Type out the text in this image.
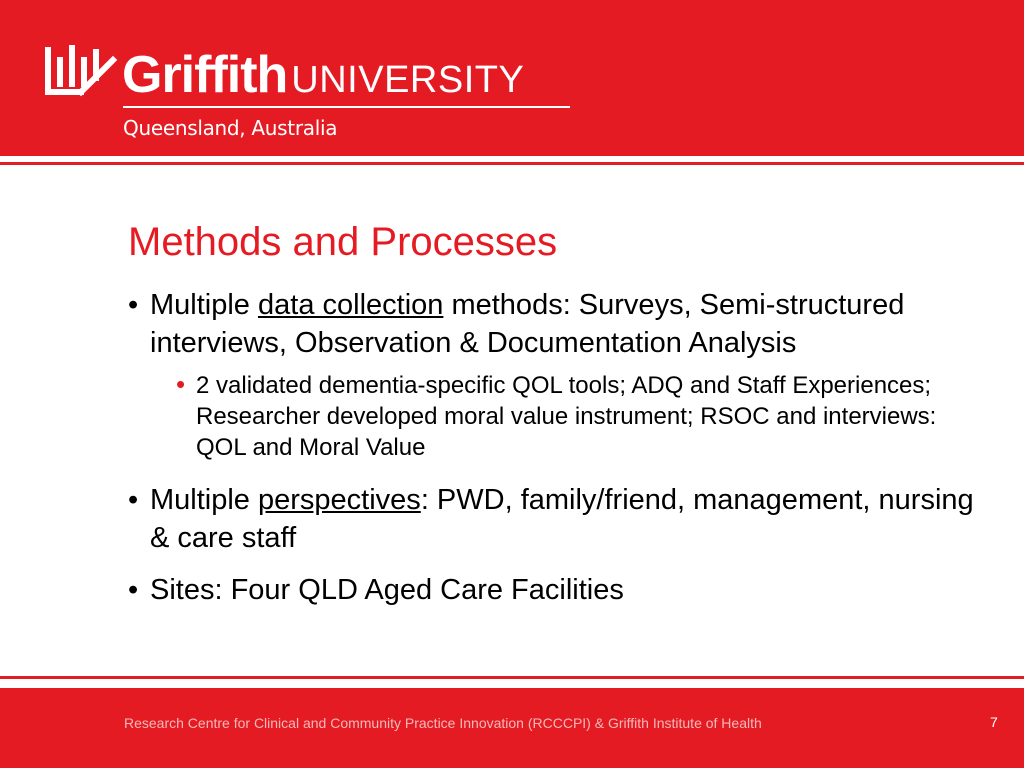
Griffith UNIVERSITY
Queensland, Australia
Methods and Processes
• Multiple data collection methods: Surveys, Semi-structured interviews, Observation & Documentation Analysis
• 2 validated dementia-specific QOL tools; ADQ and Staff Experiences; Researcher developed moral value instrument; RSOC and interviews: QOL and Moral Value
• Multiple perspectives: PWD, family/friend, management, nursing & care staff
• Sites: Four QLD Aged Care Facilities
Research Centre for Clinical and Community Practice Innovation (RCCCPI) & Griffith Institute of Health	7
